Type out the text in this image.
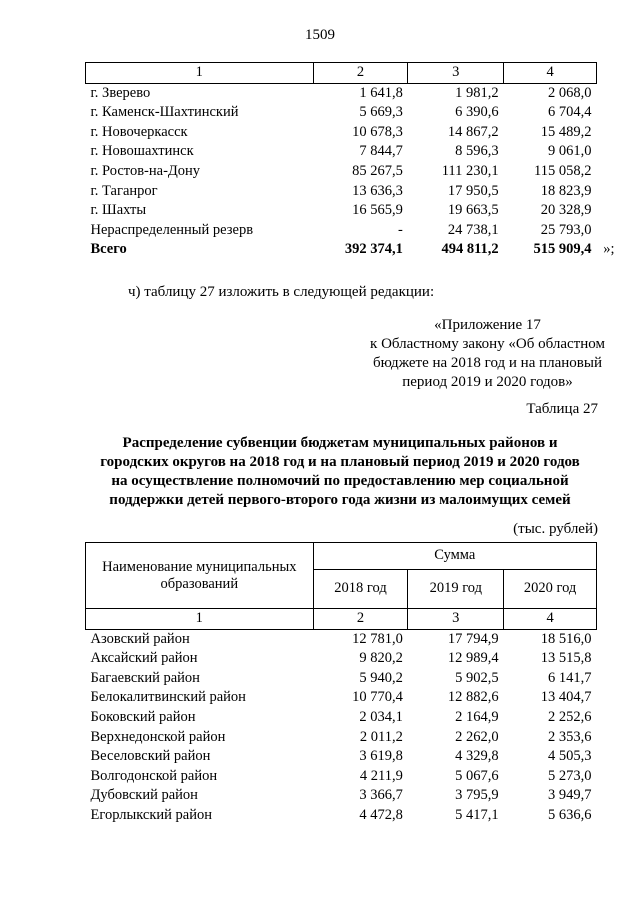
1509
1	2	3	4
г. Зверево	1 641,8	1 981,2	2 068,0
г. Каменск-Шахтинский	5 669,3	6 390,6	6 704,4
г. Новочеркасск	10 678,3	14 867,2	15 489,2
г. Новошахтинск	7 844,7	8 596,3	9 061,0
г. Ростов-на-Дону	85 267,5	111 230,1	115 058,2
г. Таганрог	13 636,3	17 950,5	18 823,9
г. Шахты	16 565,9	19 663,5	20 328,9
Нераспределенный резерв	-	24 738,1	25 793,0
Всего	392 374,1	494 811,2	515 909,4 »;
ч) таблицу 27 изложить в следующей редакции:
«Приложение 17
к Областному закону «Об областном
бюджете на 2018 год и на плановый
период 2019 и 2020 годов»
Таблица 27
Распределение субвенции бюджетам муниципальных районов и
городских округов на 2018 год и на плановый период 2019 и 2020 годов
на осуществление полномочий по предоставлению мер социальной
поддержки детей первого-второго года жизни из малоимущих семей
(тыс. рублей)
Наименование муниципальных образований	Сумма		
	2018 год	2019 год	2020 год
1	2	3	4
Азовский район	12 781,0	17 794,9	18 516,0
Аксайский район	9 820,2	12 989,4	13 515,8
Багаевский район	5 940,2	5 902,5	6 141,7
Белокалитвинский район	10 770,4	12 882,6	13 404,7
Боковский район	2 034,1	2 164,9	2 252,6
Верхнедонской район	2 011,2	2 262,0	2 353,6
Веселовский район	3 619,8	4 329,8	4 505,3
Волгодонской район	4 211,9	5 067,6	5 273,0
Дубовский район	3 366,7	3 795,9	3 949,7
Егорлыкский район	4 472,8	5 417,1	5 636,6
